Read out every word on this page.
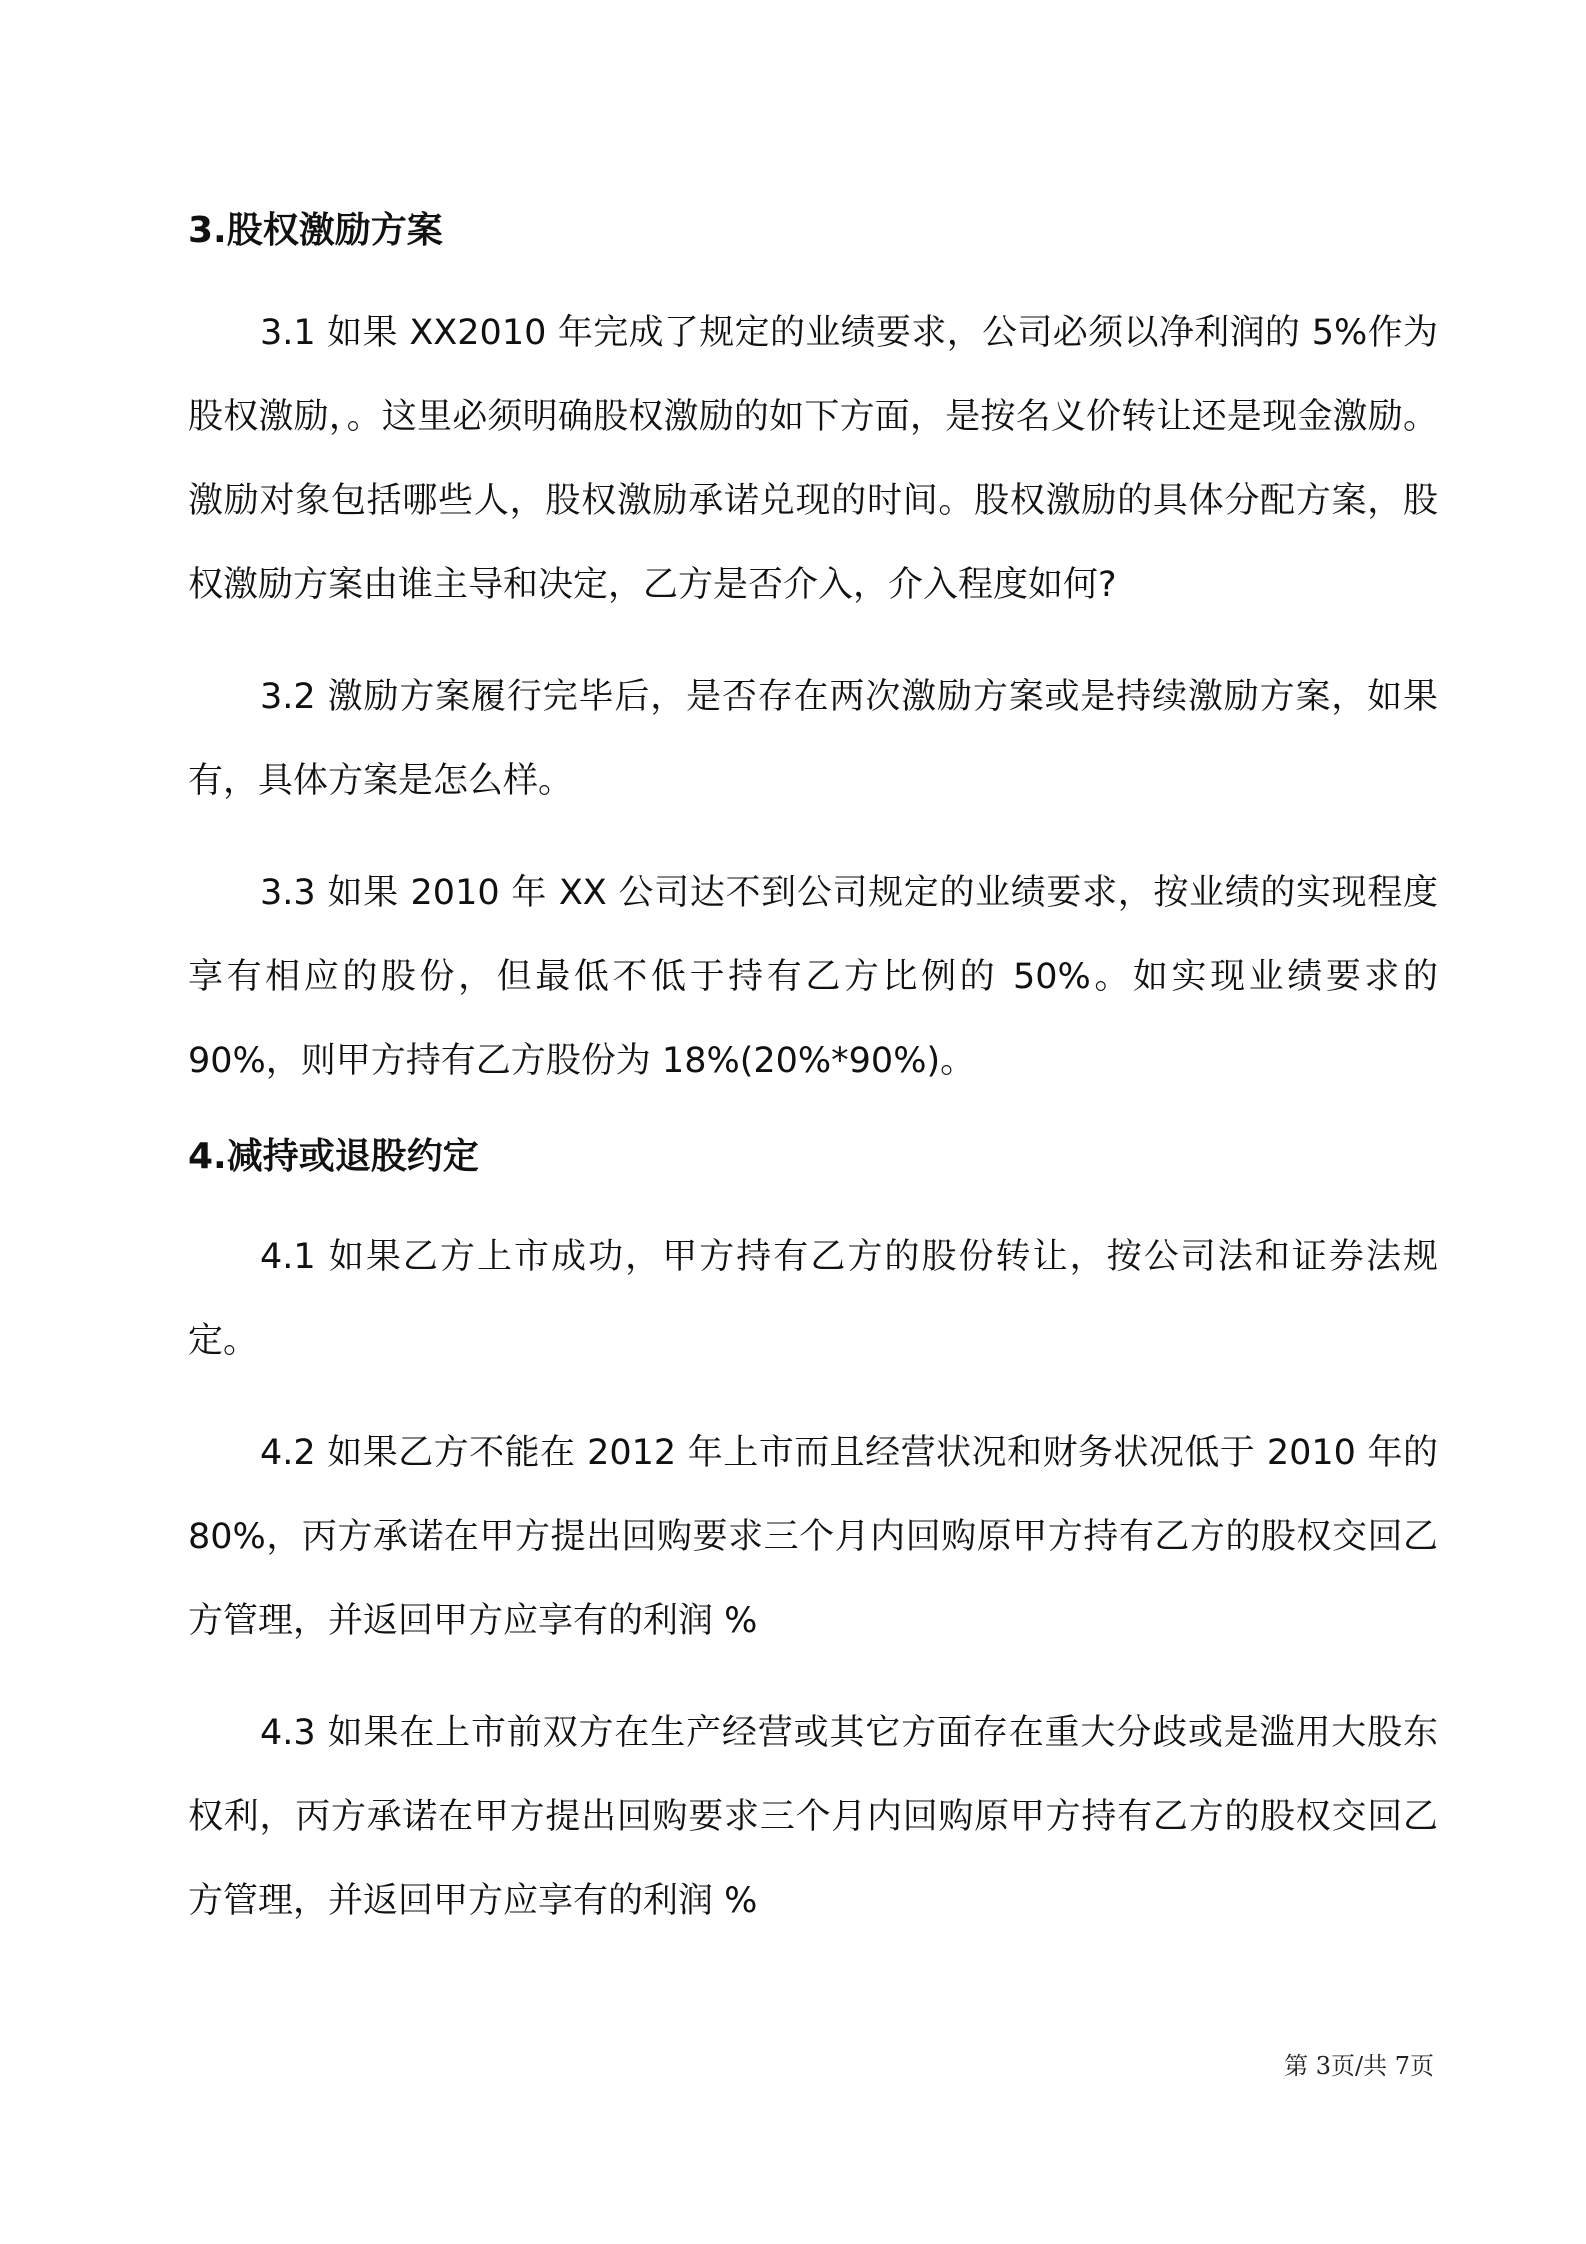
3.股权激励方案

3.1 如果 XX2010 年完成了规定的业绩要求，公司必须以净利润的 5%作为股权激励，。这里必须明确股权激励的如下方面，是按名义价转让还是现金激励。激励对象包括哪些人，股权激励承诺兑现的时间。股权激励的具体分配方案，股权激励方案由谁主导和决定，乙方是否介入，介入程度如何?

3.2 激励方案履行完毕后，是否存在两次激励方案或是持续激励方案，如果有，具体方案是怎么样。

3.3 如果 2010 年 XX 公司达不到公司规定的业绩要求，按业绩的实现程度享有相应的股份，但最低不低于持有乙方比例的 50%。如实现业绩要求的 90%，则甲方持有乙方股份为 18%(20%*90%)。

4.减持或退股约定

4.1 如果乙方上市成功，甲方持有乙方的股份转让，按公司法和证券法规定。

4.2 如果乙方不能在 2012 年上市而且经营状况和财务状况低于 2010 年的 80%，丙方承诺在甲方提出回购要求三个月内回购原甲方持有乙方的股权交回乙方管理，并返回甲方应享有的利润 %

4.3 如果在上市前双方在生产经营或其它方面存在重大分歧或是滥用大股东权利，丙方承诺在甲方提出回购要求三个月内回购原甲方持有乙方的股权交回乙方管理，并返回甲方应享有的利润 %

第 3页/共 7页
